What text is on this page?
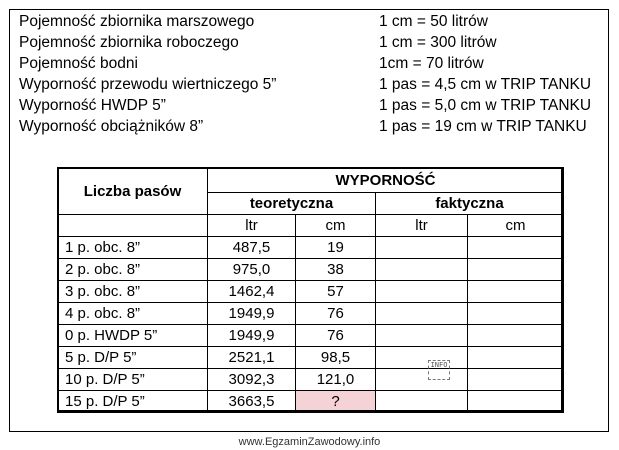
Pojemność zbiornika marszowego	1 cm = 50 litrów
Pojemność zbiornika roboczego	1 cm = 300 litrów
Pojemność bodni	1cm = 70 litrów
Wyporność przewodu wiertniczego 5”	1 pas = 4,5 cm w TRIP TANKU
Wyporność HWDP 5”	1 pas = 5,0 cm w TRIP TANKU
Wyporność obciążników 8”	1 pas = 19 cm w TRIP TANKU
Liczba pasów	WYPORNOŚĆ			
	teoretyczna		faktyczna	
	ltr	cm	ltr	cm
1 p. obc. 8”	487,5	19		
2 p. obc. 8”	975,0	38		
3 p. obc. 8”	1462,4	57		
4 p. obc. 8”	1949,9	76		
0 p. HWDP 5”	1949,9	76		
5 p. D/P 5”	2521,1	98,5		
10 p. D/P 5”	3092,3	121,0		
15 p. D/P 5”	3663,5	?		
INFO
www.EgzaminZawodowy.info
